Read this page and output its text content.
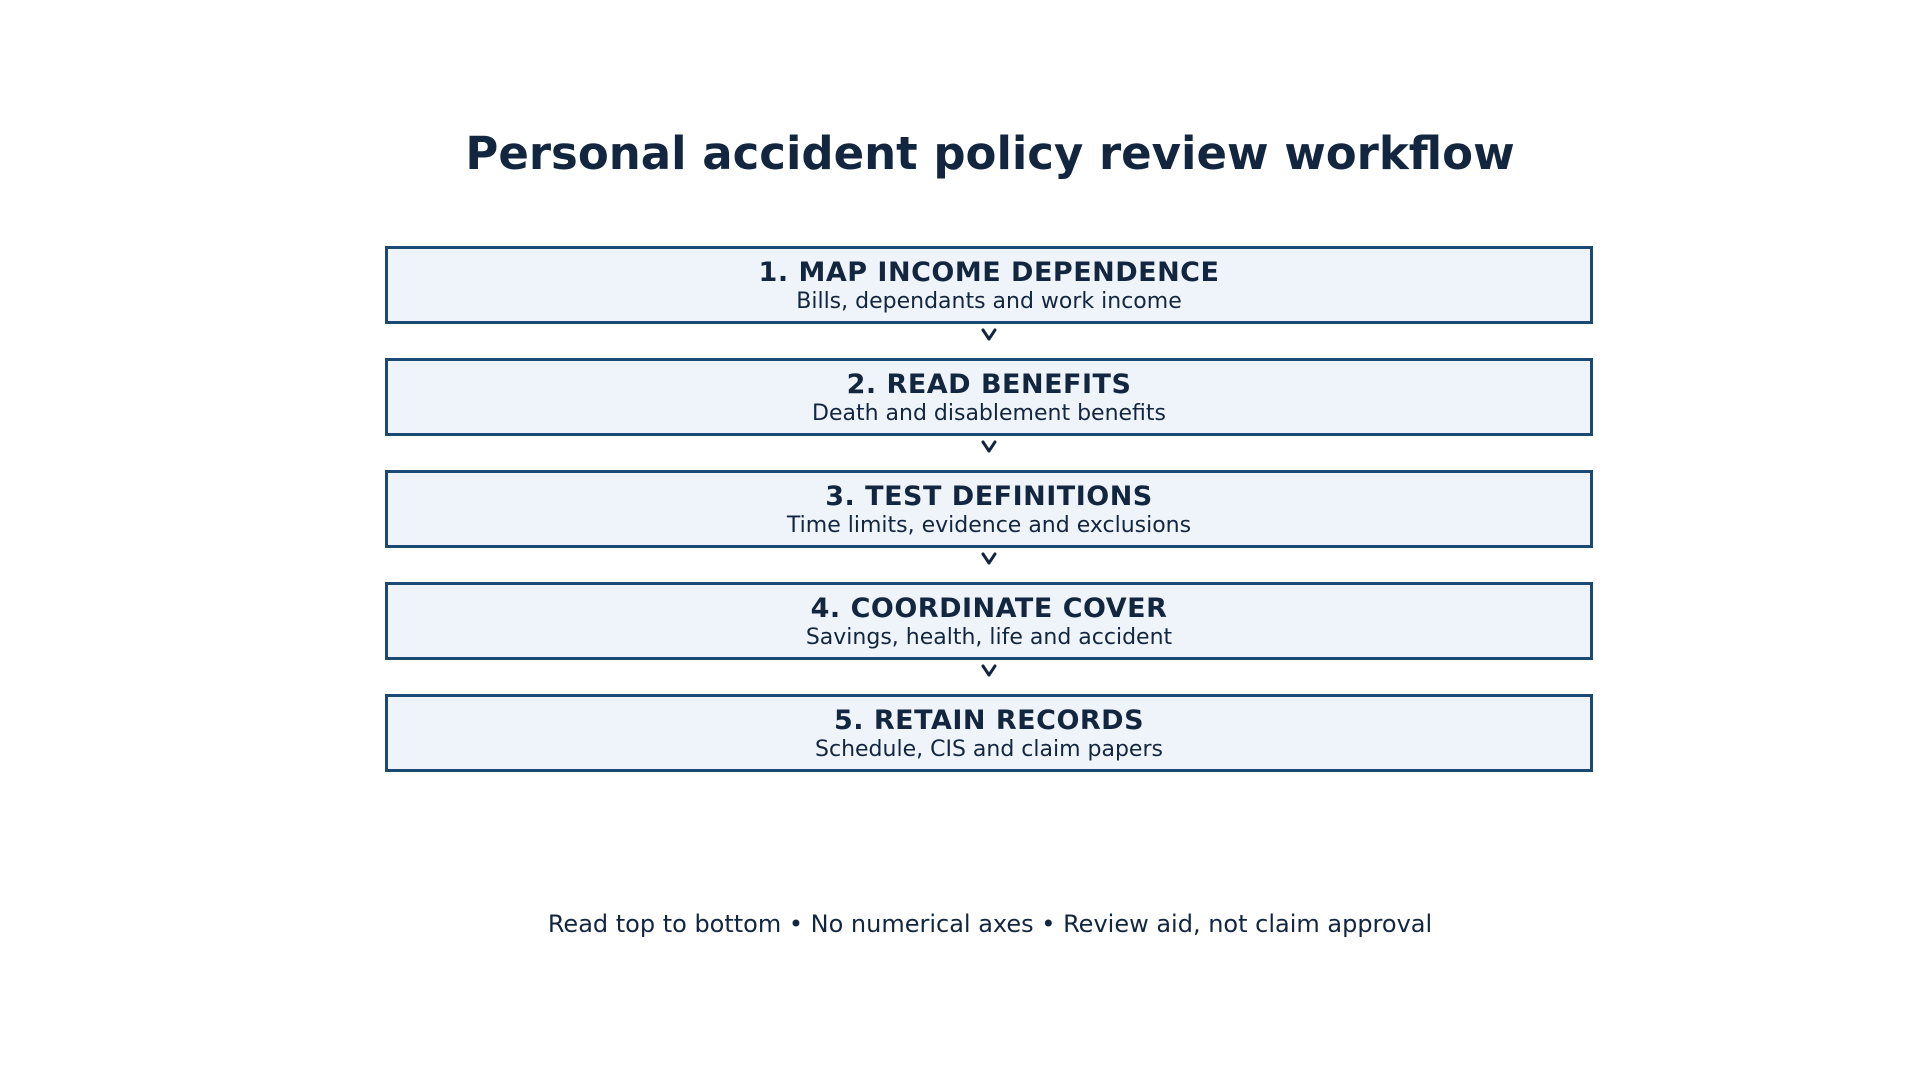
Personal accident policy review workflow
1. MAP INCOME DEPENDENCE
Bills, dependants and work income
2. READ BENEFITS
Death and disablement benefits
3. TEST DEFINITIONS
Time limits, evidence and exclusions
4. COORDINATE COVER
Savings, health, life and accident
5. RETAIN RECORDS
Schedule, CIS and claim papers
Read top to bottom • No numerical axes • Review aid, not claim approval
